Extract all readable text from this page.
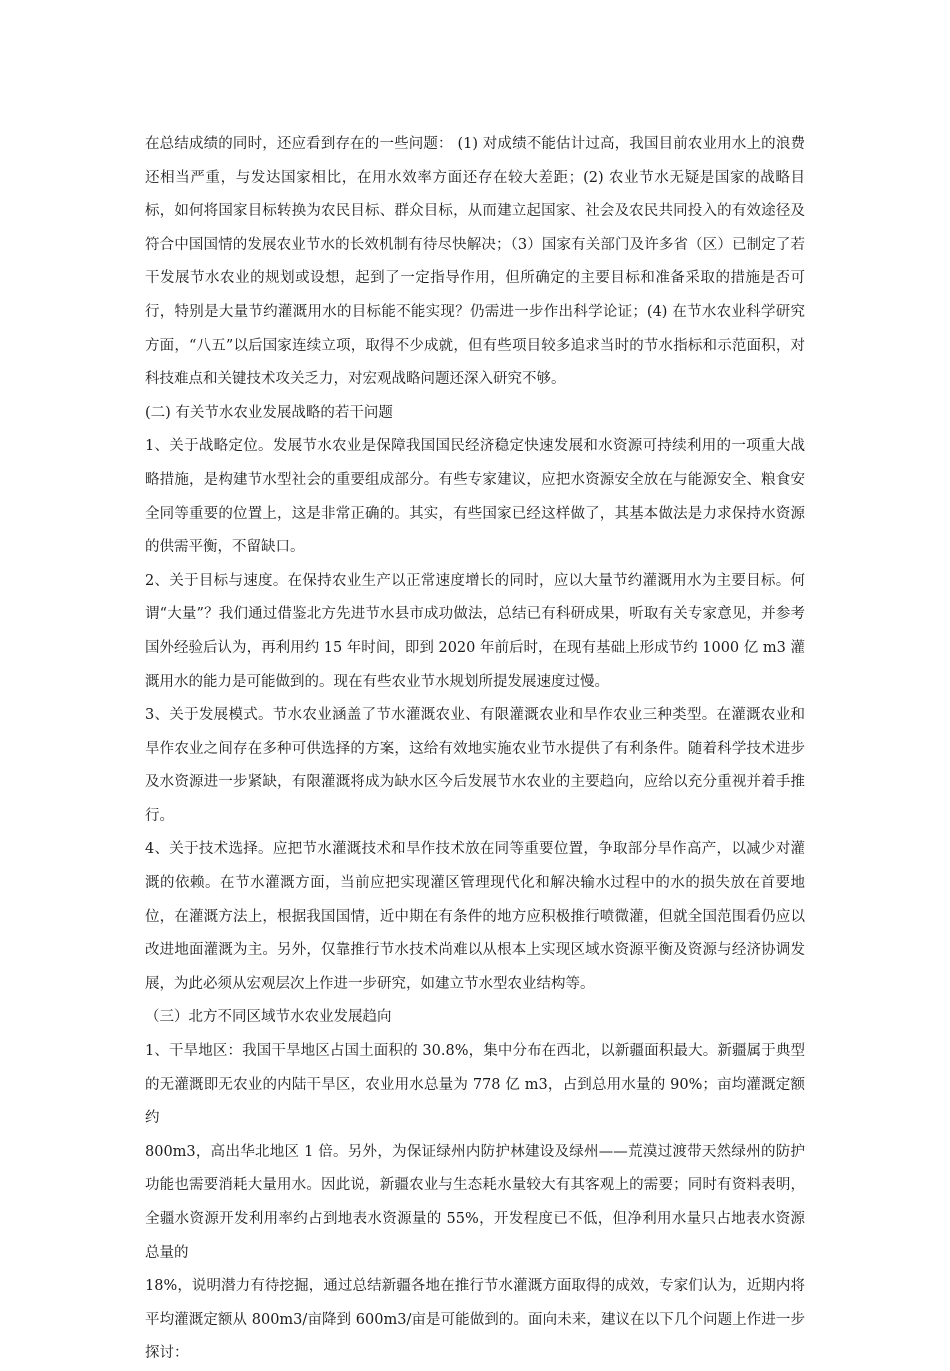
在总结成绩的同时，还应看到存在的一些问题： (1) 对成绩不能估计过高，我国目前农业用水上的浪费还相当严重，与发达国家相比，在用水效率方面还存在较大差距；(2) 农业节水无疑是国家的战略目标，如何将国家目标转换为农民目标、群众目标，从而建立起国家、社会及农民共同投入的有效途径及符合中国国情的发展农业节水的长效机制有待尽快解决；（3）国家有关部门及许多省（区）已制定了若干发展节水农业的规划或设想，起到了一定指导作用，但所确定的主要目标和准备采取的措施是否可行，特别是大量节约灌溉用水的目标能不能实现？仍需进一步作出科学论证；(4) 在节水农业科学研究方面，“八五”以后国家连续立项，取得不少成就，但有些项目较多追求当时的节水指标和示范面积，对科技难点和关键技术攻关乏力，对宏观战略问题还深入研究不够。

(二) 有关节水农业发展战略的若干问题

1、关于战略定位。发展节水农业是保障我国国民经济稳定快速发展和水资源可持续利用的一项重大战略措施，是构建节水型社会的重要组成部分。有些专家建议，应把水资源安全放在与能源安全、粮食安全同等重要的位置上，这是非常正确的。其实，有些国家已经这样做了，其基本做法是力求保持水资源的供需平衡，不留缺口。

2、关于目标与速度。在保持农业生产以正常速度增长的同时，应以大量节约灌溉用水为主要目标。何谓“大量”？我们通过借鉴北方先进节水县市成功做法，总结已有科研成果，听取有关专家意见，并参考国外经验后认为，再利用约 15 年时间，即到 2020 年前后时，在现有基础上形成节约 1000 亿 m3 灌溉用水的能力是可能做到的。现在有些农业节水规划所提发展速度过慢。

3、关于发展模式。节水农业涵盖了节水灌溉农业、有限灌溉农业和旱作农业三种类型。在灌溉农业和旱作农业之间存在多种可供选择的方案，这给有效地实施农业节水提供了有利条件。随着科学技术进步及水资源进一步紧缺，有限灌溉将成为缺水区今后发展节水农业的主要趋向，应给以充分重视并着手推行。

4、关于技术选择。应把节水灌溉技术和旱作技术放在同等重要位置，争取部分旱作高产，以减少对灌溉的依赖。在节水灌溉方面，当前应把实现灌区管理现代化和解决输水过程中的水的损失放在首要地位，在灌溉方法上，根据我国国情，近中期在有条件的地方应积极推行喷微灌，但就全国范围看仍应以改进地面灌溉为主。另外，仅靠推行节水技术尚难以从根本上实现区域水资源平衡及资源与经济协调发展，为此必须从宏观层次上作进一步研究，如建立节水型农业结构等。

（三）北方不同区域节水农业发展趋向

1、干旱地区：我国干旱地区占国土面积的 30.8%，集中分布在西北，以新疆面积最大。新疆属于典型的无灌溉即无农业的内陆干旱区，农业用水总量为 778 亿 m3，占到总用水量的 90%；亩均灌溉定额约

800m3，高出华北地区 1 倍。另外，为保证绿州内防护林建设及绿州——荒漠过渡带天然绿州的防护功能也需要消耗大量用水。因此说，新疆农业与生态耗水量较大有其客观上的需要；同时有资料表明，全疆水资源开发利用率约占到地表水资源量的 55%，开发程度已不低，但净利用水量只占地表水资源总量的

18%，说明潜力有待挖掘，通过总结新疆各地在推行节水灌溉方面取得的成效，专家们认为，近期内将平均灌溉定额从 800m3/亩降到 600m3/亩是可能做到的。面向未来，建议在以下几个问题上作进一步探讨：
